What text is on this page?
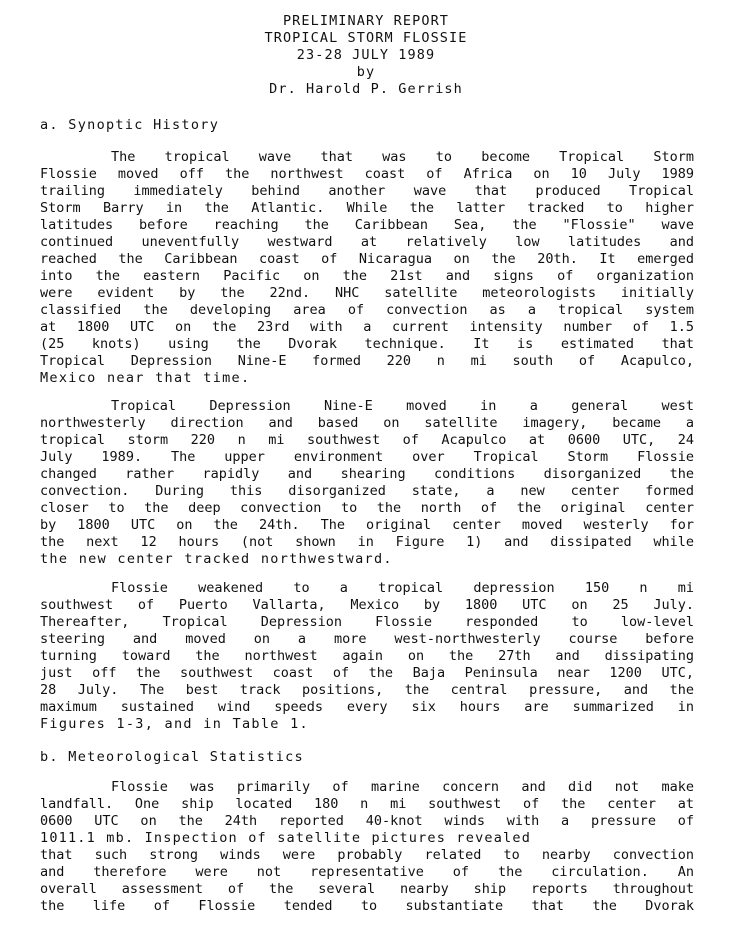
PRELIMINARY REPORT
TROPICAL STORM FLOSSIE
23-28 JULY 1989
by
Dr. Harold P. Gerrish
a. Synoptic History
The tropical wave that was to become Tropical Storm
Flossie moved off the northwest coast of Africa on 10 July 1989
trailing immediately behind another wave that produced Tropical
Storm Barry in the Atlantic. While the latter tracked to higher
latitudes before reaching the Caribbean Sea, the "Flossie" wave
continued uneventfully westward at relatively low latitudes and
reached the Caribbean coast of Nicaragua on the 20th. It emerged
into the eastern Pacific on the 21st and signs of organization
were evident by the 22nd. NHC satellite meteorologists initially
classified the developing area of convection as a tropical system
at 1800 UTC on the 23rd with a current intensity number of 1.5
(25 knots) using the Dvorak technique. It is estimated that
Tropical Depression Nine-E formed 220 n mi south of Acapulco,
Mexico near that time.
Tropical Depression Nine-E moved in a general west
northwesterly direction and based on satellite imagery, became a
tropical storm 220 n mi southwest of Acapulco at 0600 UTC, 24
July 1989. The upper environment over Tropical Storm Flossie
changed rather rapidly and shearing conditions disorganized the
convection. During this disorganized state, a new center formed
closer to the deep convection to the north of the original center
by 1800 UTC on the 24th. The original center moved westerly for
the next 12 hours (not shown in Figure 1) and dissipated while
the new center tracked northwestward.
Flossie weakened to a tropical depression 150 n mi
southwest of Puerto Vallarta, Mexico by 1800 UTC on 25 July.
Thereafter, Tropical Depression Flossie responded to low-level
steering and moved on a more west-northwesterly course before
turning toward the northwest again on the 27th and dissipating
just off the southwest coast of the Baja Peninsula near 1200 UTC,
28 July. The best track positions, the central pressure, and the
maximum sustained wind speeds every six hours are summarized in
Figures 1-3, and in Table 1.
b. Meteorological Statistics
Flossie was primarily of marine concern and did not make
landfall. One ship located 180 n mi southwest of the center at
0600 UTC on the 24th reported 40-knot winds with a pressure of
1011.1 mb. Inspection of satellite pictures revealed
that such strong winds were probably related to nearby convection
and therefore were not representative of the circulation. An
overall assessment of the several nearby ship reports throughout
the life of Flossie tended to substantiate that the Dvorak
